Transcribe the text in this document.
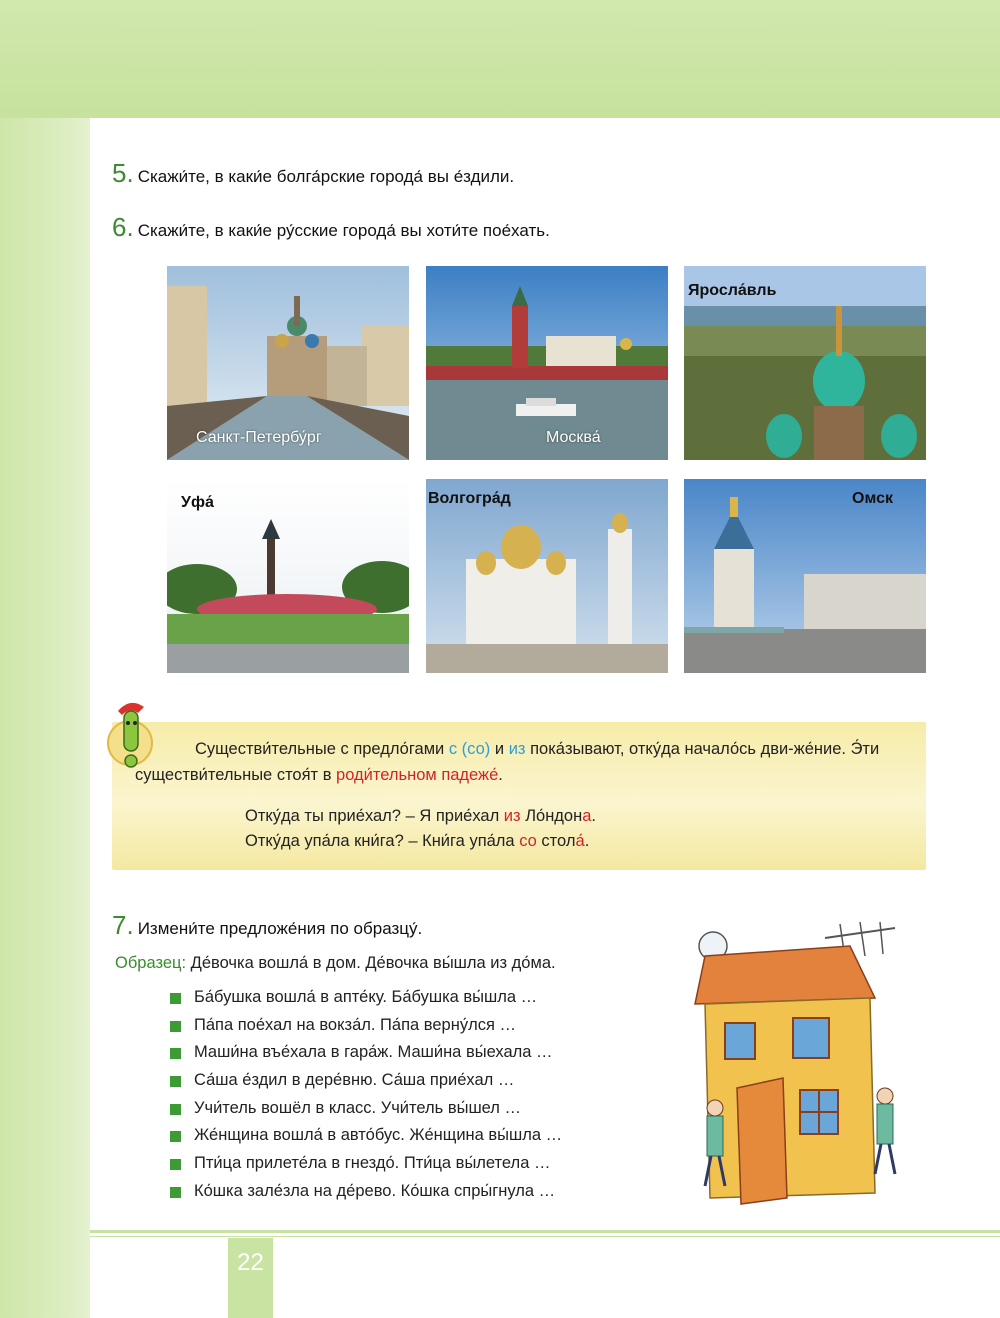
5. Скажи́те, в каки́е болга́рские города́ вы е́здили.
6. Скажи́те, в каки́е ру́сские города́ вы хоти́те пое́хать.
Санкт-Петербу́рг	Москва́
Яросла́вль
Уфа́	Волгогра́д	Омск
Существи́тельные с предло́гами с (со) и из пока́зывают, отку́да начало́сь дви-же́ние. Э́ти существи́тельные стоя́т в роди́тельном падеже́.
Отку́да ты прие́хал? – Я прие́хал из Ло́ндона.
Отку́да упа́ла кни́га? – Кни́га упа́ла со стола́.
7. Измени́те предложе́ния по образцу́.
Образец: Де́вочка вошла́ в дом. Де́вочка вы́шла из до́ма.
Ба́бушка вошла́ в апте́ку. Ба́бушка вы́шла …
Па́па пое́хал на вокза́л. Па́па верну́лся …
Маши́на въе́хала в гара́ж. Маши́на вы́ехала …
Са́ша е́здил в дере́вню. Са́ша прие́хал …
Учи́тель вошёл в класс. Учи́тель вы́шел …
Же́нщина вошла́ в авто́бус. Же́нщина вы́шла …
Пти́ца прилете́ла в гнездо́. Пти́ца вы́летела …
Ко́шка зале́зла на де́рево. Ко́шка спры́гнула …
22
